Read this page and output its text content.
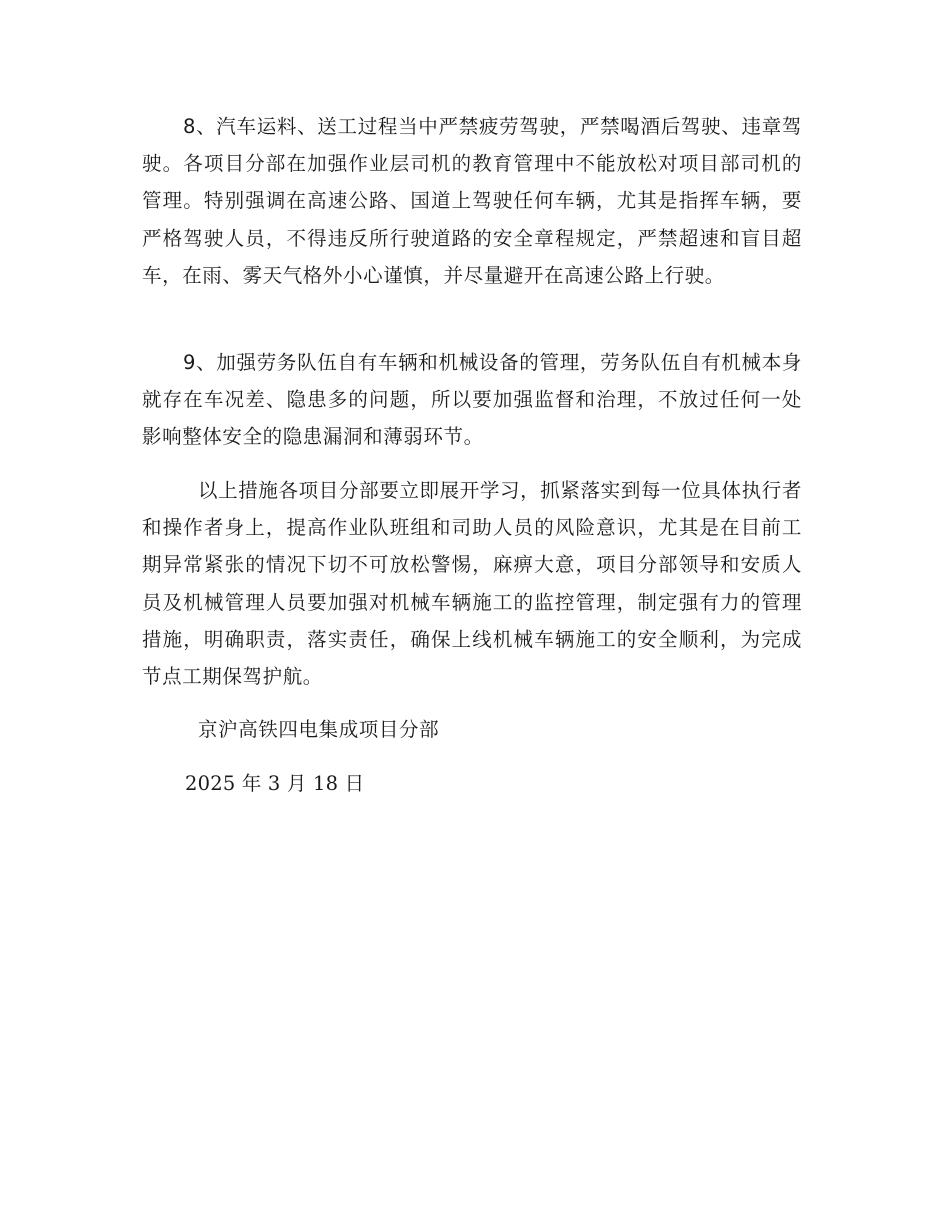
8、汽车运料、送工过程当中严禁疲劳驾驶，严禁喝酒后驾驶、违章驾驶。各项目分部在加强作业层司机的教育管理中不能放松对项目部司机的管理。特别强调在高速公路、国道上驾驶任何车辆，尤其是指挥车辆，要严格驾驶人员，不得违反所行驶道路的安全章程规定，严禁超速和盲目超车，在雨、雾天气格外小心谨慎，并尽量避开在高速公路上行驶。

9、加强劳务队伍自有车辆和机械设备的管理，劳务队伍自有机械本身就存在车况差、隐患多的问题，所以要加强监督和治理，不放过任何一处影响整体安全的隐患漏洞和薄弱环节。

以上措施各项目分部要立即展开学习，抓紧落实到每一位具体执行者和操作者身上，提高作业队班组和司助人员的风险意识，尤其是在目前工期异常紧张的情况下切不可放松警惕，麻痹大意，项目分部领导和安质人员及机械管理人员要加强对机械车辆施工的监控管理，制定强有力的管理措施，明确职责，落实责任，确保上线机械车辆施工的安全顺利，为完成节点工期保驾护航。

京沪高铁四电集成项目分部

2025 年 3 月 18 日
